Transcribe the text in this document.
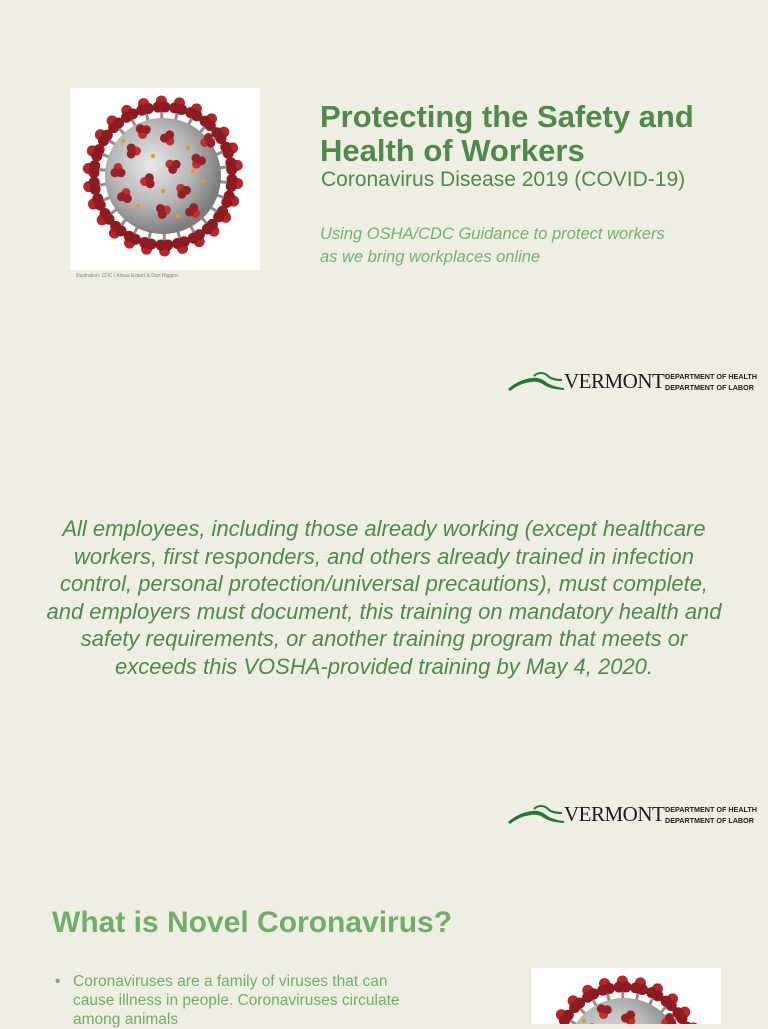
Illustration: CDC / Alissa Eckert & Dan Higgins
Protecting the Safety and Health of Workers
Coronavirus Disease 2019 (COVID-19)
Using OSHA/CDC Guidance to protect workers as we bring workplaces online
VERMONT DEPARTMENT OF HEALTH
DEPARTMENT OF LABOR
All employees, including those already working (except healthcare workers, first responders, and others already trained in infection control, personal protection/universal precautions), must complete, and employers must document, this training on mandatory health and safety requirements, or another training program that meets or exceeds this VOSHA-provided training by May 4, 2020.
VERMONT DEPARTMENT OF HEALTH
DEPARTMENT OF LABOR
What is Novel Coronavirus?
• Coronaviruses are a family of viruses that can cause illness in people. Coronaviruses circulate among animals
